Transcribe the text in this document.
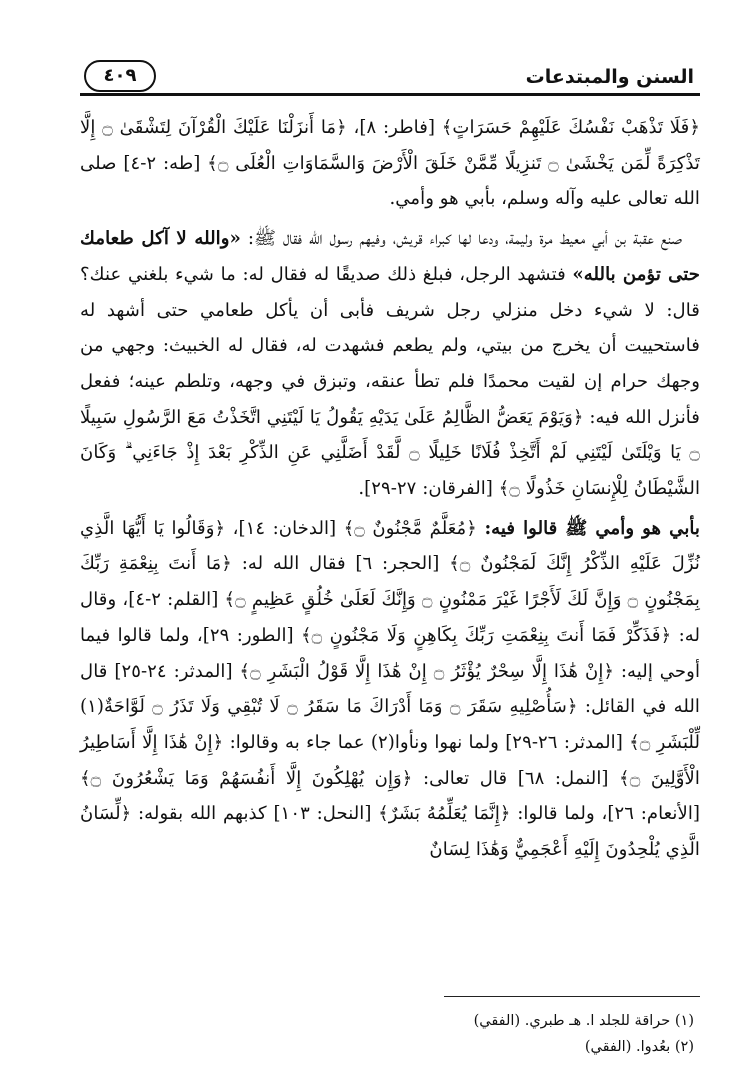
السنن والمبتدعات
٤٠٩

﴿فَلَا تَذْهَبْ نَفْسُكَ عَلَيْهِمْ حَسَرَاتٍ﴾ [فاطر: ٨]، ﴿مَا أَنزَلْنَا عَلَيْكَ الْقُرْآنَ لِتَشْقَىٰ ۝ إِلَّا تَذْكِرَةً لِّمَن يَخْشَىٰ ۝ تَنزِيلًا مِّمَّنْ خَلَقَ الْأَرْضَ وَالسَّمَاوَاتِ الْعُلَى ۝﴾ [طه: ٢-٤] صلى الله تعالى عليه وآله وسلم، بأبي هو وأمي.

صنع عقبة بن أبي معيط مرة وليمة، ودعا لها كبراء قريش، وفيهم رسول الله فقال ﷺ: «والله لا آكل طعامك حتى تؤمن بالله» فتشهد الرجل، فبلغ ذلك صديقًا له فقال له: ما شيء بلغني عنك؟ قال: لا شيء دخل منزلي رجل شريف فأبى أن يأكل طعامي حتى أشهد له فاستحييت أن يخرج من بيتي، ولم يطعم فشهدت له، فقال له الخبيث: وجهي من وجهك حرام إن لقيت محمدًا فلم تطأ عنقه، وتبزق في وجهه، وتلطم عينه؛ ففعل فأنزل الله فيه: ﴿وَيَوْمَ يَعَضُّ الظَّالِمُ عَلَىٰ يَدَيْهِ يَقُولُ يَا لَيْتَنِي اتَّخَذْتُ مَعَ الرَّسُولِ سَبِيلًا ۝ يَا وَيْلَتَىٰ لَيْتَنِي لَمْ أَتَّخِذْ فُلَانًا خَلِيلًا ۝ لَّقَدْ أَضَلَّنِي عَنِ الذِّكْرِ بَعْدَ إِذْ جَاءَنِي ۗ وَكَانَ الشَّيْطَانُ لِلْإِنسَانِ خَذُولًا ۝﴾ [الفرقان: ٢٧-٢٩].

بأبي هو وأمي ﷺ قالوا فيه: ﴿مُعَلَّمٌ مَّجْنُونٌ ۝﴾ [الدخان: ١٤]، ﴿وَقَالُوا يَا أَيُّهَا الَّذِي نُزِّلَ عَلَيْهِ الذِّكْرُ إِنَّكَ لَمَجْنُونٌ ۝﴾ [الحجر: ٦] فقال الله له: ﴿مَا أَنتَ بِنِعْمَةِ رَبِّكَ بِمَجْنُونٍ ۝ وَإِنَّ لَكَ لَأَجْرًا غَيْرَ مَمْنُونٍ ۝ وَإِنَّكَ لَعَلَىٰ خُلُقٍ عَظِيمٍ ۝﴾ [القلم: ٢-٤]، وقال له: ﴿فَذَكِّرْ فَمَا أَنتَ بِنِعْمَتِ رَبِّكَ بِكَاهِنٍ وَلَا مَجْنُونٍ ۝﴾ [الطور: ٢٩]، ولما قالوا فيما أوحي إليه: ﴿إِنْ هَٰذَا إِلَّا سِحْرٌ يُؤْثَرُ ۝ إِنْ هَٰذَا إِلَّا قَوْلُ الْبَشَرِ ۝﴾ [المدثر: ٢٤-٢٥] قال الله في القائل: ﴿سَأُصْلِيهِ سَقَرَ ۝ وَمَا أَدْرَاكَ مَا سَقَرُ ۝ لَا تُبْقِي وَلَا تَذَرُ ۝ لَوَّاحَةٌ(١) لِّلْبَشَرِ ۝﴾ [المدثر: ٢٦-٢٩] ولما نهوا ونأوا(٢) عما جاء به وقالوا: ﴿إِنْ هَٰذَا إِلَّا أَسَاطِيرُ الْأَوَّلِينَ ۝﴾ [النمل: ٦٨] قال تعالى: ﴿وَإِن يُهْلِكُونَ إِلَّا أَنفُسَهُمْ وَمَا يَشْعُرُونَ ۝﴾ [الأنعام: ٢٦]، ولما قالوا: ﴿إِنَّمَا يُعَلِّمُهُ بَشَرٌ﴾ [النحل: ١٠٣] كذبهم الله بقوله: ﴿لِّسَانُ الَّذِي يُلْحِدُونَ إِلَيْهِ أَعْجَمِيٌّ وَهَٰذَا لِسَانٌ

(١) حراقة للجلد ا. هـ طبري. (الفقي)

(٢) بعُدوا. (الفقي)
